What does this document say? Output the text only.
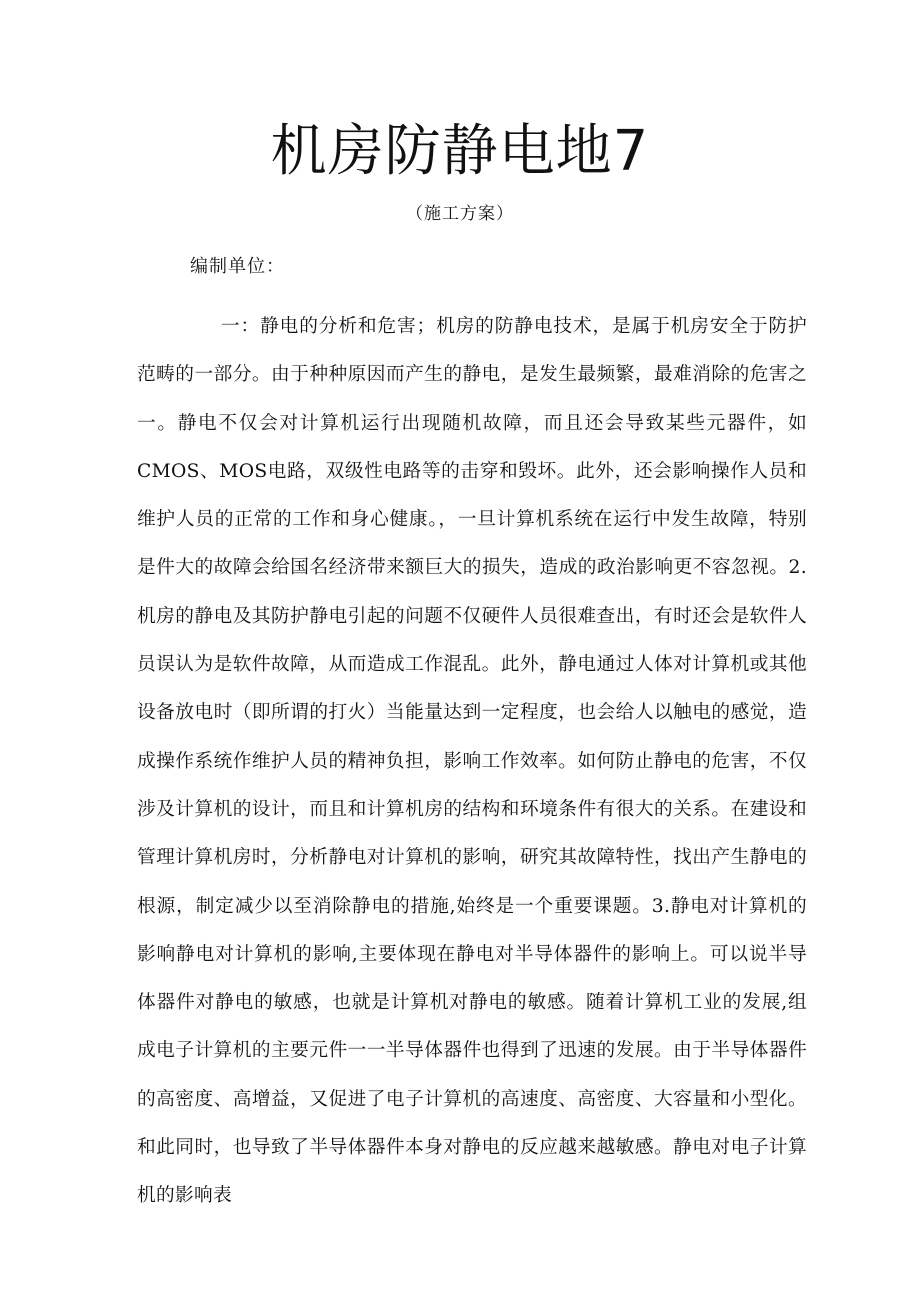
机房防静电地7
（施工方案）
编制单位：

一：静电的分析和危害；机房的防静电技术，是属于机房安全于防护范畴的一部分。由于种种原因而产生的静电，是发生最频繁，最难消除的危害之一。静电不仅会对计算机运行出现随机故障，而且还会导致某些元器件，如CMOS、MOS电路，双级性电路等的击穿和毁坏。此外，还会影响操作人员和维护人员的正常的工作和身心健康。，一旦计算机系统在运行中发生故障，特别是件大的故障会给国名经济带来额巨大的损失，造成的政治影响更不容忽视。2.机房的静电及其防护静电引起的问题不仅硬件人员很难查出，有时还会是软件人员误认为是软件故障，从而造成工作混乱。此外，静电通过人体对计算机或其他设备放电时（即所谓的打火）当能量达到一定程度，也会给人以触电的感觉，造成操作系统作维护人员的精神负担，影响工作效率。如何防止静电的危害，不仅涉及计算机的设计，而且和计算机房的结构和环境条件有很大的关系。在建设和管理计算机房时，分析静电对计算机的影响，研究其故障特性，找出产生静电的根源，制定减少以至消除静电的措施,始终是一个重要课题。3.静电对计算机的影响静电对计算机的影响,主要体现在静电对半导体器件的影响上。可以说半导体器件对静电的敏感，也就是计算机对静电的敏感。随着计算机工业的发展,组成电子计算机的主要元件一一半导体器件也得到了迅速的发展。由于半导体器件的高密度、高增益，又促进了电子计算机的高速度、高密度、大容量和小型化。和此同时，也导致了半导体器件本身对静电的反应越来越敏感。静电对电子计算机的影响表
